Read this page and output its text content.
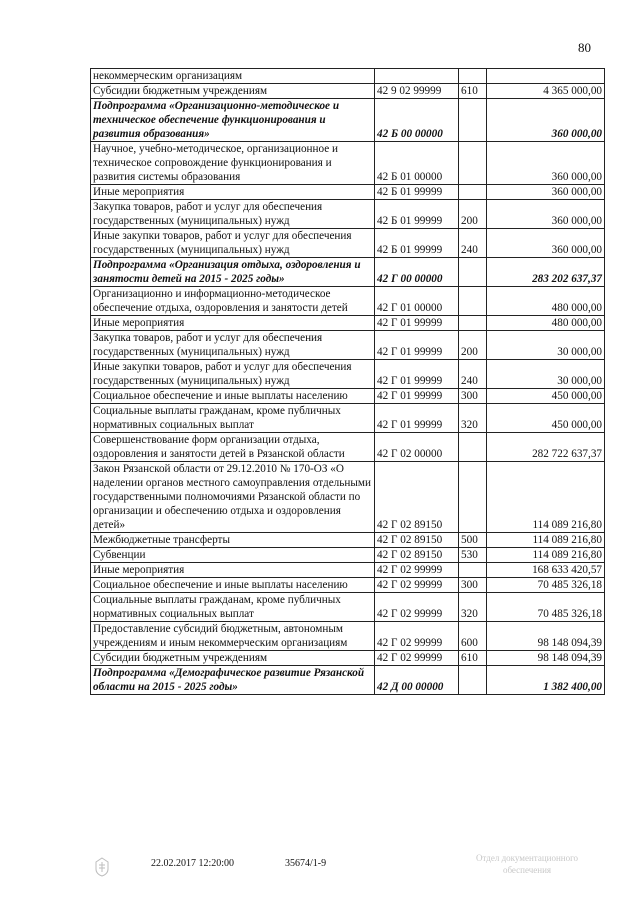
80
некоммерческим организациям			
Субсидии бюджетным учреждениям	42 9 02 99999	610	4 365 000,00
Подпрограмма «Организационно-методическое и техническое обеспечение функционирования и развития образования»	42 Б 00 00000		360 000,00
Научное, учебно-методическое, организационное и техническое сопровождение функционирования и развития системы образования	42 Б 01 00000		360 000,00
Иные мероприятия	42 Б 01 99999		360 000,00
Закупка товаров, работ и услуг для обеспечения государственных (муниципальных) нужд	42 Б 01 99999	200	360 000,00
Иные закупки товаров, работ и услуг для обеспечения государственных (муниципальных) нужд	42 Б 01 99999	240	360 000,00
Подпрограмма «Организация отдыха, оздоровления и занятости детей на 2015 - 2025 годы»	42 Г 00 00000		283 202 637,37
Организационно и информационно-методическое обеспечение отдыха, оздоровления и занятости детей	42 Г 01 00000		480 000,00
Иные мероприятия	42 Г 01 99999		480 000,00
Закупка товаров, работ и услуг для обеспечения государственных (муниципальных) нужд	42 Г 01 99999	200	30 000,00
Иные закупки товаров, работ и услуг для обеспечения государственных (муниципальных) нужд	42 Г 01 99999	240	30 000,00
Социальное обеспечение и иные выплаты населению	42 Г 01 99999	300	450 000,00
Социальные выплаты гражданам, кроме публичных нормативных социальных выплат	42 Г 01 99999	320	450 000,00
Совершенствование форм организации отдыха, оздоровления и занятости детей в Рязанской области	42 Г 02 00000		282 722 637,37
Закон Рязанской области от 29.12.2010 № 170-ОЗ «О наделении органов местного самоуправления отдельными государственными полномочиями Рязанской области по организации и обеспечению отдыха и оздоровления детей»	42 Г 02 89150		114 089 216,80
Межбюджетные трансферты	42 Г 02 89150	500	114 089 216,80
Субвенции	42 Г 02 89150	530	114 089 216,80
Иные мероприятия	42 Г 02 99999		168 633 420,57
Социальное обеспечение и иные выплаты населению	42 Г 02 99999	300	70 485 326,18
Социальные выплаты гражданам, кроме публичных нормативных социальных выплат	42 Г 02 99999	320	70 485 326,18
Предоставление субсидий бюджетным, автономным учреждениям и иным некоммерческим организациям	42 Г 02 99999	600	98 148 094,39
Субсидии бюджетным учреждениям	42 Г 02 99999	610	98 148 094,39
Подпрограмма «Демографическое развитие Рязанской области на 2015 - 2025 годы»	42 Д 00 00000		1 382 400,00
22.02.2017 12:20:00	35674/1-9	Отдел документационного обеспечения
